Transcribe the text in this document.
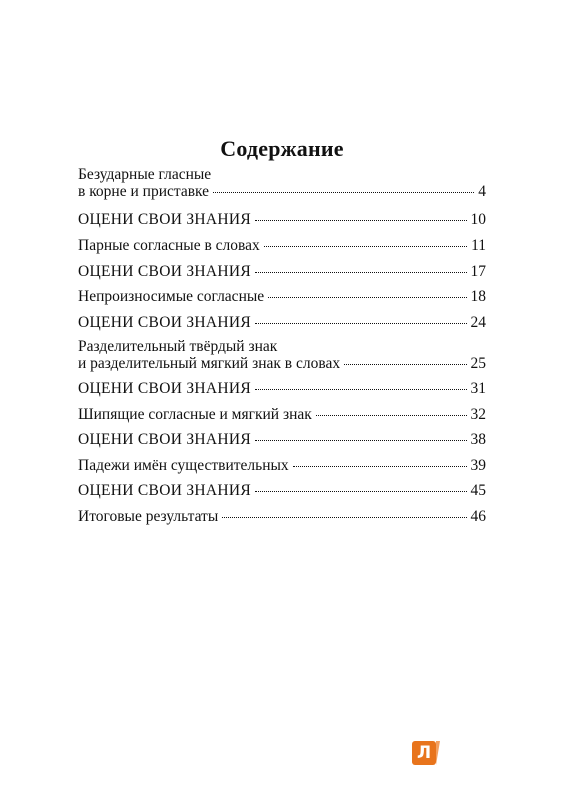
Содержание
Безударные гласные
в корне и приставке	4
ОЦЕНИ СВОИ ЗНАНИЯ	10
Парные согласные в словах	11
ОЦЕНИ СВОИ ЗНАНИЯ	17
Непроизносимые согласные	18
ОЦЕНИ СВОИ ЗНАНИЯ	24
Разделительный твёрдый знак
и разделительный мягкий знак в словах	25
ОЦЕНИ СВОИ ЗНАНИЯ	31
Шипящие согласные и мягкий знак	32
ОЦЕНИ СВОИ ЗНАНИЯ	38
Падежи имён существительных	39
ОЦЕНИ СВОИ ЗНАНИЯ	45
Итоговые результаты	46
Л
